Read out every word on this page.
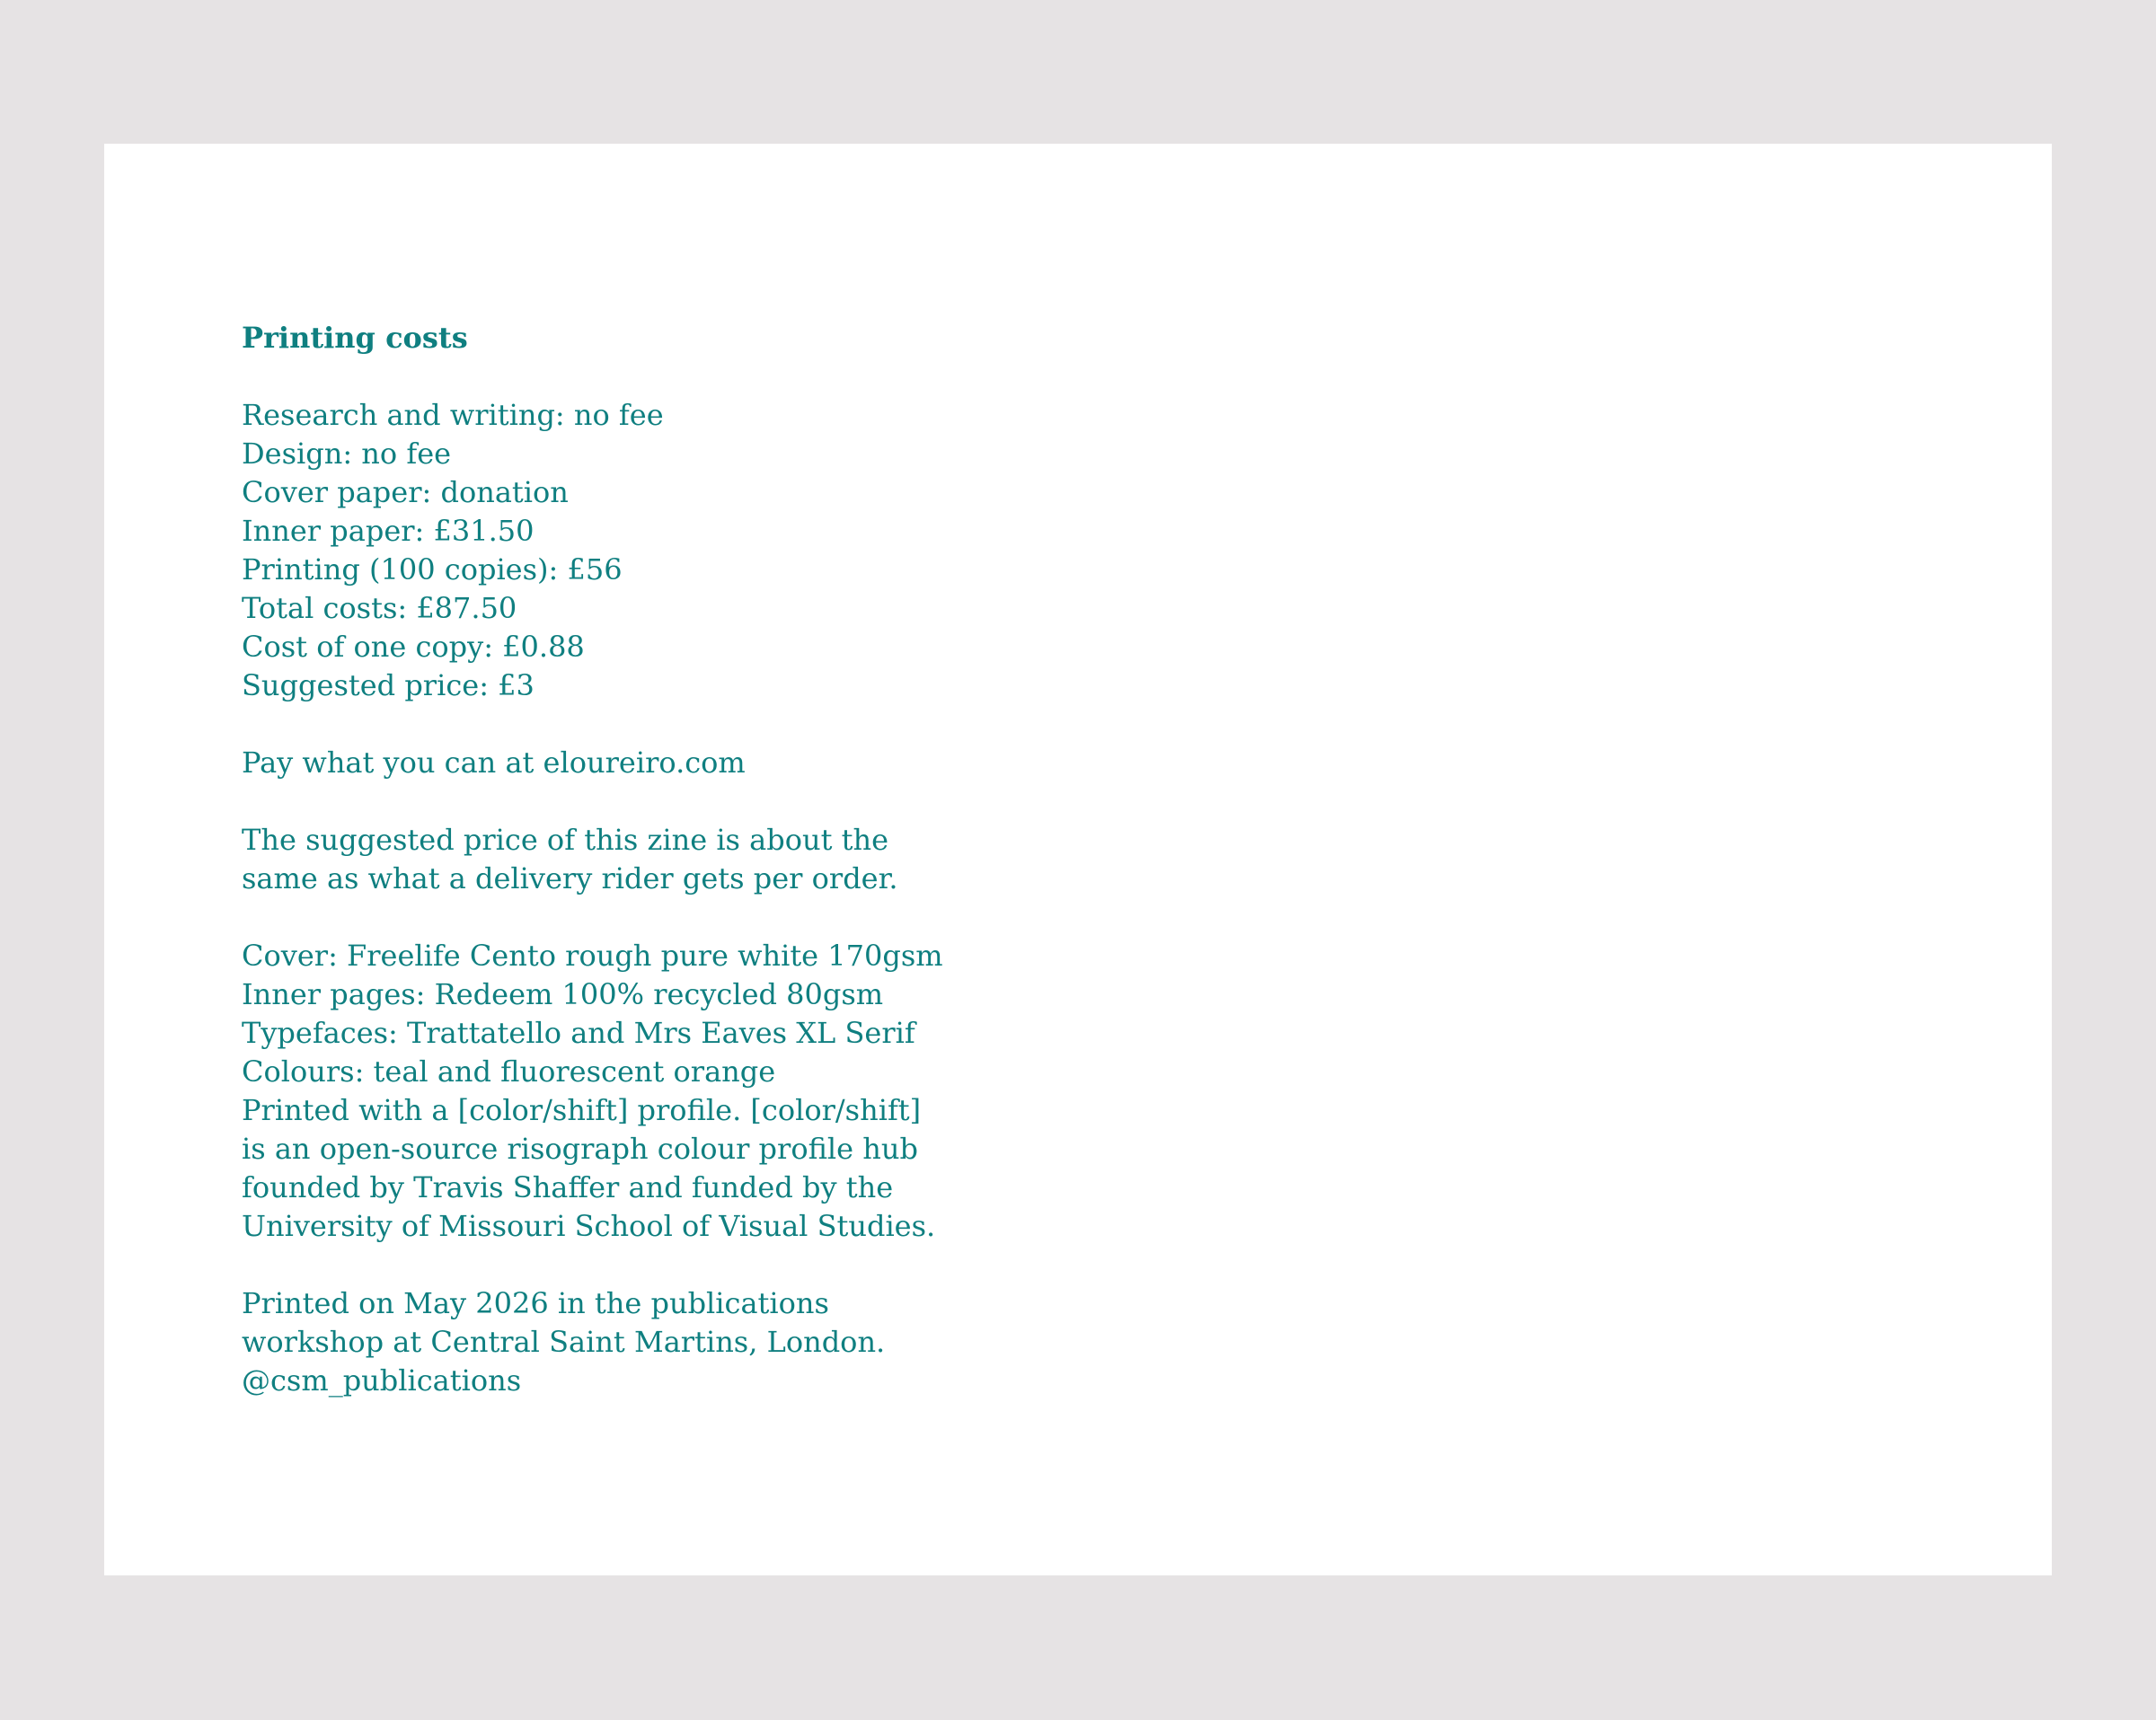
Printing costs
Research and writing: no fee
Design: no fee
Cover paper: donation
Inner paper: £31.50
Printing (100 copies): £56
Total costs: £87.50
Cost of one copy: £0.88
Suggested price: £3
Pay what you can at eloureiro.com
The suggested price of this zine is about the
same as what a delivery rider gets per order.
Cover: Freelife Cento rough pure white 170gsm
Inner pages: Redeem 100% recycled 80gsm
Typefaces: Trattatello and Mrs Eaves XL Serif
Colours: teal and fluorescent orange
Printed with a [color/shift] profile. [color/shift]
is an open-source risograph colour profile hub
founded by Travis Shaffer and funded by the
University of Missouri School of Visual Studies.
Printed on May 2026 in the publications
workshop at Central Saint Martins, London.
@csm_publications
